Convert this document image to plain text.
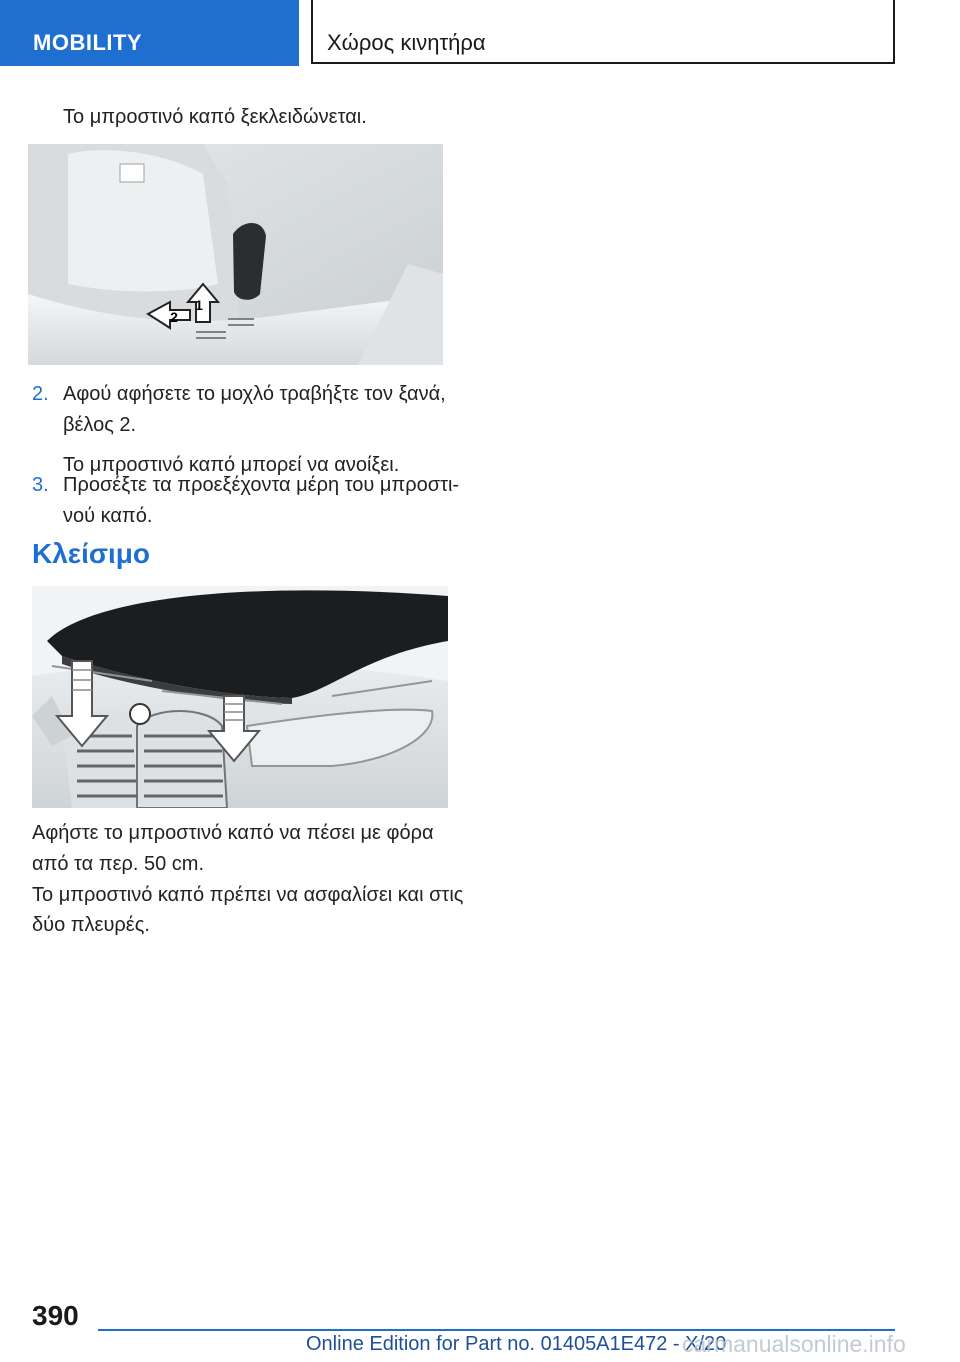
MOBILITY	Χώρος κινητήρα
Το μπροστινό καπό ξεκλειδώνεται.
1
2
2. Αφού αφήσετε το μοχλό τραβήξτε τον ξανά,
βέλος 2.
Το μπροστινό καπό μπορεί να ανοίξει.
3. Προσέξτε τα προεξέχοντα μέρη του μπροστι-
νού καπό.
Κλείσιμο
Αφήστε το μπροστινό καπό να πέσει με φόρα
από τα περ. 50 cm.
Το μπροστινό καπό πρέπει να ασφαλίσει και στις
δύο πλευρές.
390
Online Edition for Part no. 01405A1E472 - X/20
carmanualsonline.info
